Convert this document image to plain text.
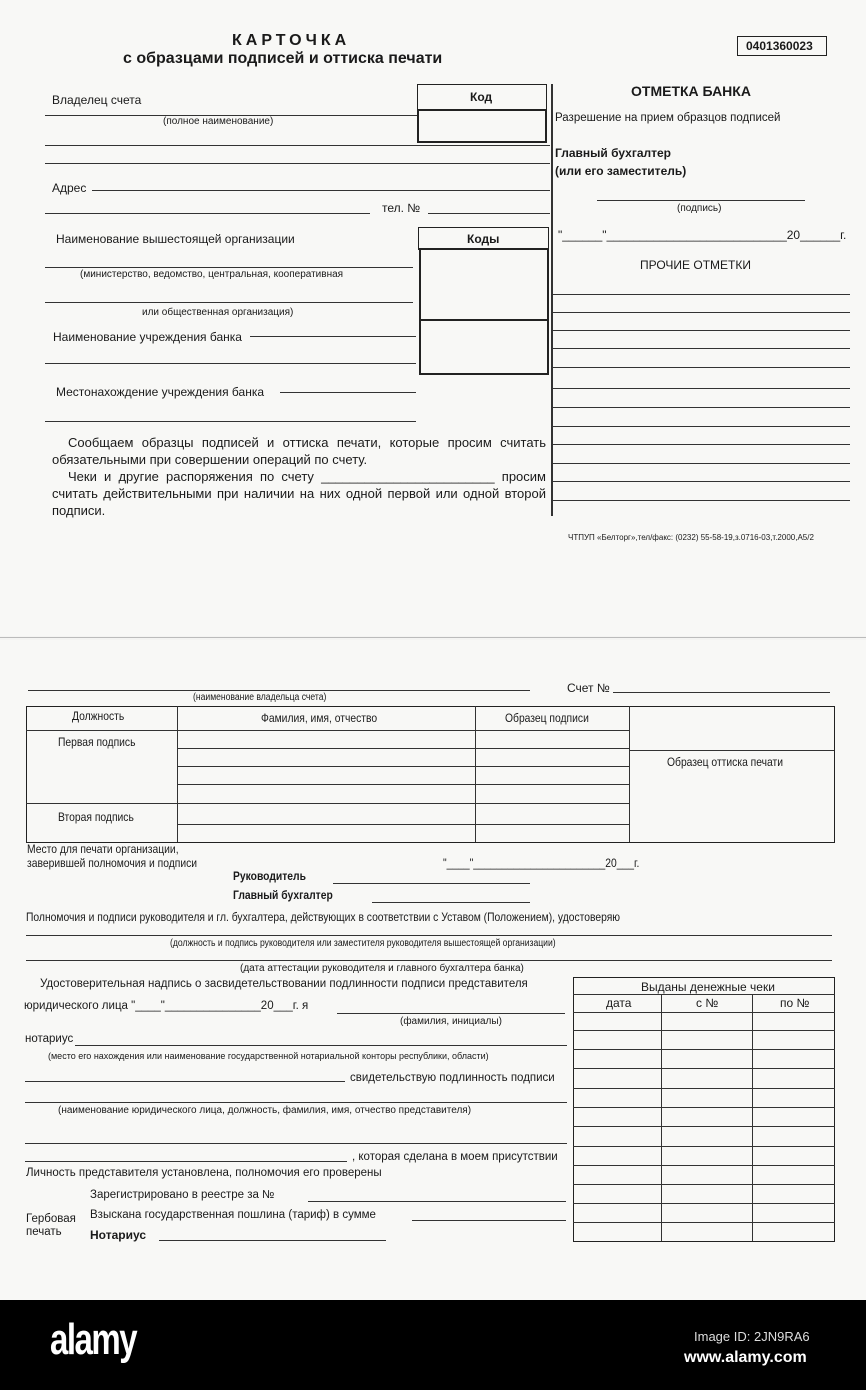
КАРТОЧКА
с образцами подписей и оттиска печати
0401360023
Владелец счета
(полное наименование)
Код
Адрес
тел. №
Наименование вышестоящей организации	Коды
(министерство, ведомство, центральная, кооперативная
или общественная организация)
Наименование учреждения банка
Местонахождение учреждения банка

Сообщаем образцы подписей и оттиска печати, которые просим считать обязательными при совершении операций по счету.

Чеки и другие распоряжения по счету ________________________ просим считать действительными при наличии на них одной первой или одной второй подписи.

ОТМЕТКА БАНКА
Разрешение на прием образцов подписей
Главный бухгалтер
(или его заместитель)
(подпись)
"______"___________________________20______г.
ПРОЧИЕ ОТМЕТКИ
ЧТПУП «Белторг»,тел/факс: (0232) 55-58-19,з.0716-03,т.2000,А5/2
(наименование владельца счета)
Счет №
Должность	Фамилия, имя, отчество	Образец подписи
Первая подпись
Вторая подпись
Образец оттиска печати
Место для печати организации,
заверившей полномочия и подписи	"____"_______________________20___г.
Руководитель
Главный бухгалтер
Полномочия и подписи руководителя и гл. бухгалтера, действующих в соответствии с Уставом (Положением), удостоверяю
(должность и подпись руководителя или заместителя руководителя вышестоящей организации)
(дата аттестации руководителя и главного бухгалтера банка)
Удостоверительная надпись о засвидетельствовании подлинности подписи представителя
юридического лица "____"_______________20___г. я
(фамилия, инициалы)
нотариус
(место его нахождения или наименование государственной нотариальной конторы республики, области)
свидетельствую подлинность подписи
(наименование юридического лица, должность, фамилия, имя, отчество представителя)
, которая сделана в моем присутствии
Личность представителя установлена, полномочия его проверены
Зарегистрировано в реестре за №
Гербовая
печать
Взыскана государственная пошлина (тариф) в сумме
Нотариус
Выданы денежные чеки
дата	с №	по №
alamy	Image ID: 2JN9RA6
www.alamy.com
